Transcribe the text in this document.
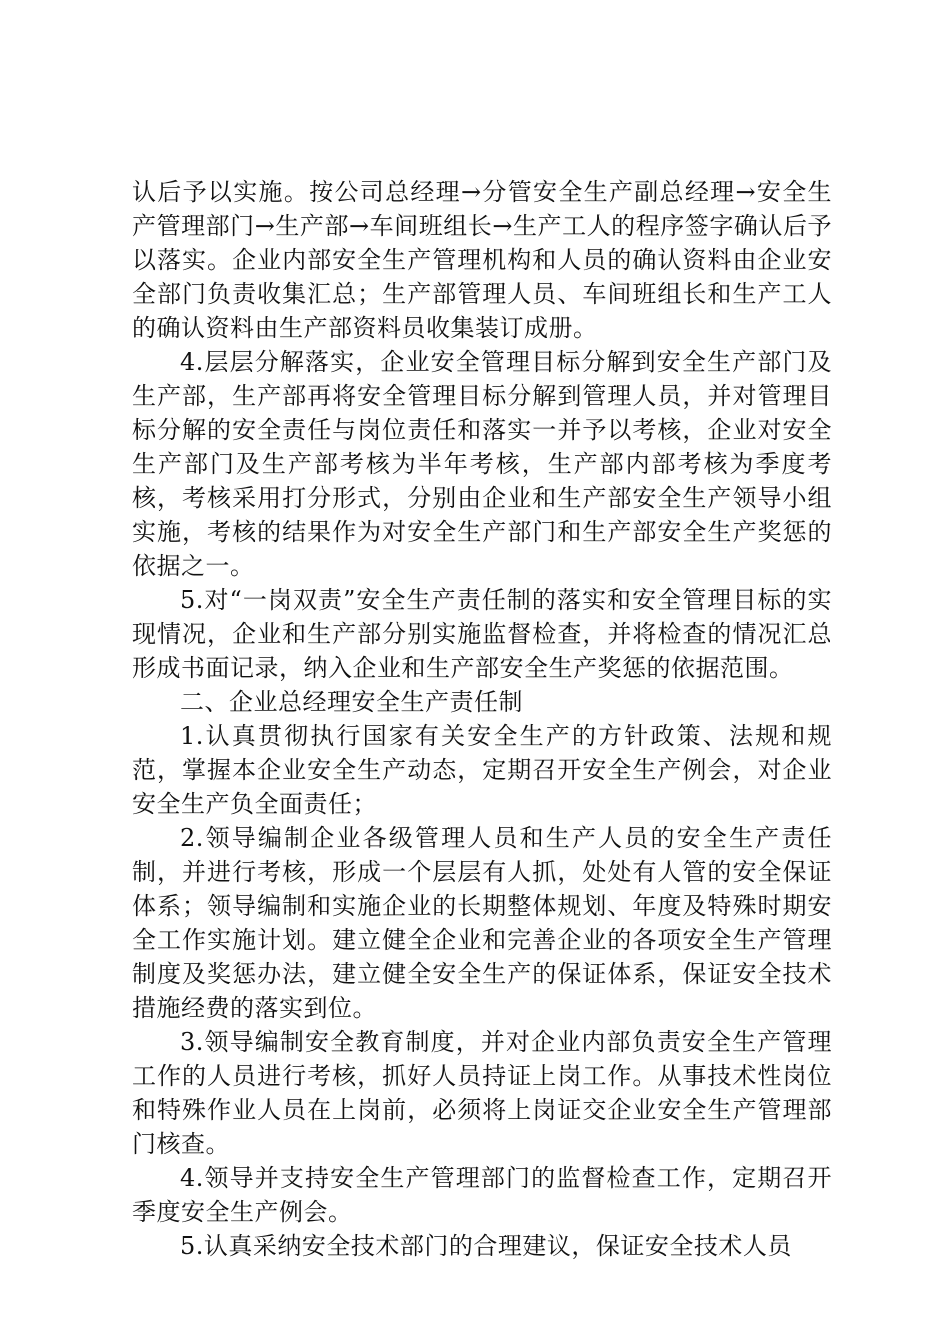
认后予以实施。按公司总经理→分管安全生产副总经理→安全生产管理部门→生产部→车间班组长→生产工人的程序签字确认后予以落实。企业内部安全生产管理机构和人员的确认资料由企业安全部门负责收集汇总；生产部管理人员、车间班组长和生产工人的确认资料由生产部资料员收集装订成册。

4.层层分解落实，企业安全管理目标分解到安全生产部门及生产部，生产部再将安全管理目标分解到管理人员，并对管理目标分解的安全责任与岗位责任和落实一并予以考核，企业对安全生产部门及生产部考核为半年考核，生产部内部考核为季度考核，考核采用打分形式，分别由企业和生产部安全生产领导小组实施，考核的结果作为对安全生产部门和生产部安全生产奖惩的依据之一。

5.对“一岗双责”安全生产责任制的落实和安全管理目标的实现情况，企业和生产部分别实施监督检查，并将检查的情况汇总形成书面记录，纳入企业和生产部安全生产奖惩的依据范围。

二、企业总经理安全生产责任制

1.认真贯彻执行国家有关安全生产的方针政策、法规和规范，掌握本企业安全生产动态，定期召开安全生产例会，对企业安全生产负全面责任；

2.领导编制企业各级管理人员和生产人员的安全生产责任制，并进行考核，形成一个层层有人抓，处处有人管的安全保证体系；领导编制和实施企业的长期整体规划、年度及特殊时期安全工作实施计划。建立健全企业和完善企业的各项安全生产管理制度及奖惩办法，建立健全安全生产的保证体系，保证安全技术措施经费的落实到位。

3.领导编制安全教育制度，并对企业内部负责安全生产管理工作的人员进行考核，抓好人员持证上岗工作。从事技术性岗位和特殊作业人员在上岗前，必须将上岗证交企业安全生产管理部门核查。

4.领导并支持安全生产管理部门的监督检查工作，定期召开季度安全生产例会。

5.认真采纳安全技术部门的合理建议，保证安全技术人员
